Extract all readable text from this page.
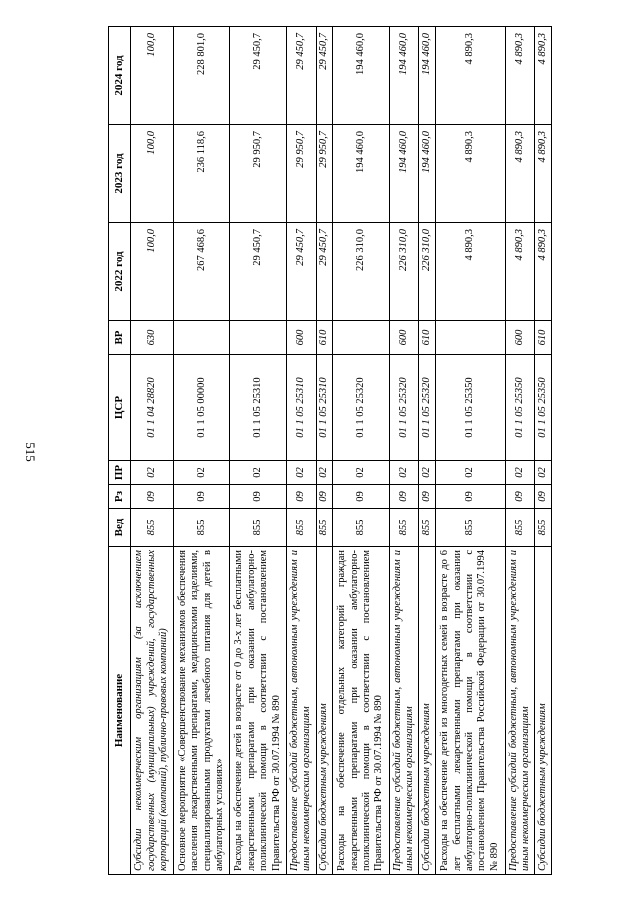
515
Наименование	Вед	Рз	ПР	ЦСР	ВР	2022 год	2023 год	2024 год
Субсидии некоммерческим организациям (за исключением государственных (муниципальных) учреждений, государственных корпораций (компаний), публично-правовых компаний)	855	09	02	01 1 04 28820	630	100,0	100,0	100,0
Основное мероприятие «Совершенствование механизмов обеспечения населения лекарственными препаратами, медицинскими изделиями, специализированными продуктами лечебного питания для детей в амбулаторных условиях»	855	09	02	01 1 05 00000		267 468,6	236 118,6	228 801,0
Расходы на обеспечение детей в возрасте от 0 до 3-х лет бесплатными лекарственными препаратами при оказании амбулаторно-поликлинической помощи в соответствии с постановлением Правительства РФ от 30.07.1994 № 890	855	09	02	01 1 05 25310		29 450,7	29 950,7	29 450,7
Предоставление субсидий бюджетным, автономным учреждениям и иным некоммерческим организациям	855	09	02	01 1 05 25310	600	29 450,7	29 950,7	29 450,7
Субсидии бюджетным учреждениям	855	09	02	01 1 05 25310	610	29 450,7	29 950,7	29 450,7
Расходы на обеспечение отдельных категорий граждан лекарственными препаратами при оказании амбулаторно-поликлинической помощи в соответствии с постановлением Правительства РФ от 30.07.1994 № 890	855	09	02	01 1 05 25320		226 310,0	194 460,0	194 460,0
Предоставление субсидий бюджетным, автономным учреждениям и иным некоммерческим организациям	855	09	02	01 1 05 25320	600	226 310,0	194 460,0	194 460,0
Субсидии бюджетным учреждениям	855	09	02	01 1 05 25320	610	226 310,0	194 460,0	194 460,0
Расходы на обеспечение детей из многодетных семей в возрасте до 6 лет бесплатными лекарственными препаратами при оказании амбулаторно-поликлинической помощи в соответствии с постановлением Правительства Российской Федерации от 30.07.1994 № 890	855	09	02	01 1 05 25350		4 890,3	4 890,3	4 890,3
Предоставление субсидий бюджетным, автономным учреждениям и иным некоммерческим организациям	855	09	02	01 1 05 25350	600	4 890,3	4 890,3	4 890,3
Субсидии бюджетным учреждениям	855	09	02	01 1 05 25350	610	4 890,3	4 890,3	4 890,3
